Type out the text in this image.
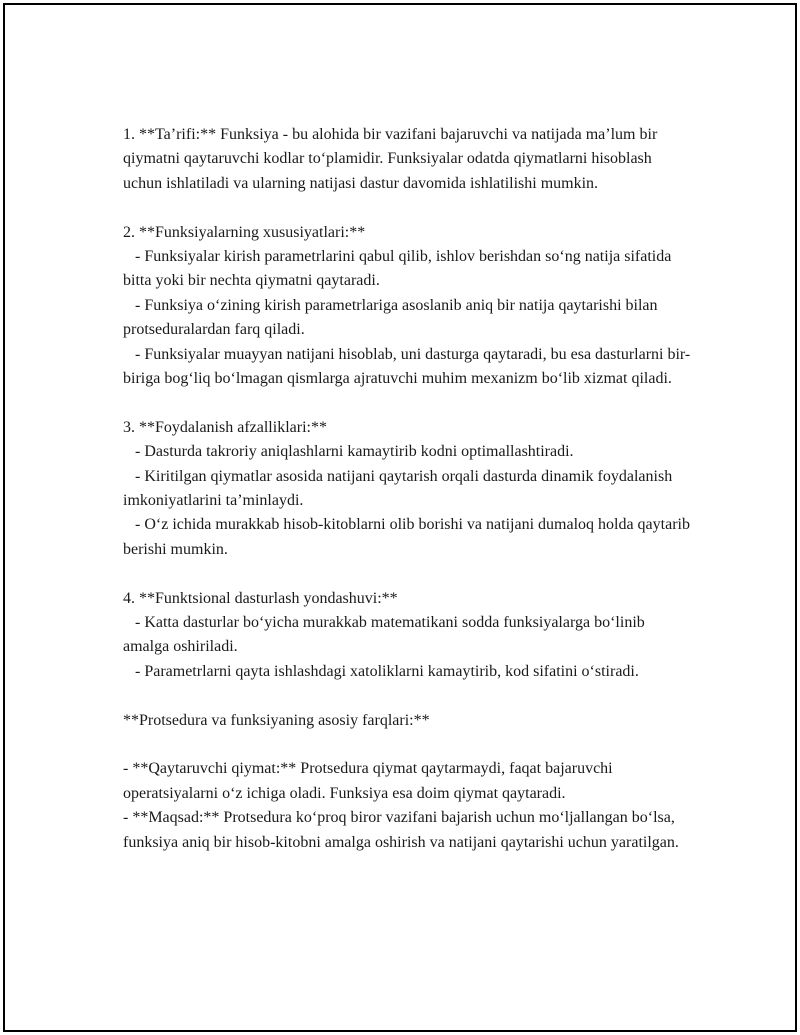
1. **Ta’rifi:** Funksiya - bu alohida bir vazifani bajaruvchi va natijada ma’lum bir qiymatni qaytaruvchi kodlar to‘plamidir. Funksiyalar odatda qiymatlarni hisoblash uchun ishlatiladi va ularning natijasi dastur davomida ishlatilishi mumkin.

2. **Funksiyalarning xususiyatlari:**

- Funksiyalar kirish parametrlarini qabul qilib, ishlov berishdan so‘ng natija sifatida bitta yoki bir nechta qiymatni qaytaradi.

- Funksiya o‘zining kirish parametrlariga asoslanib aniq bir natija qaytarishi bilan protseduralardan farq qiladi.

- Funksiyalar muayyan natijani hisoblab, uni dasturga qaytaradi, bu esa dasturlarni bir-biriga bog‘liq bo‘lmagan qismlarga ajratuvchi muhim mexanizm bo‘lib xizmat qiladi.

3. **Foydalanish afzalliklari:**

- Dasturda takroriy aniqlashlarni kamaytirib kodni optimallashtiradi.

- Kiritilgan qiymatlar asosida natijani qaytarish orqali dasturda dinamik foydalanish imkoniyatlarini ta’minlaydi.

- O‘z ichida murakkab hisob-kitoblarni olib borishi va natijani dumaloq holda qaytarib berishi mumkin.

4. **Funktsional dasturlash yondashuvi:**

- Katta dasturlar bo‘yicha murakkab matematikani sodda funksiyalarga bo‘linib amalga oshiriladi.

- Parametrlarni qayta ishlashdagi xatoliklarni kamaytirib, kod sifatini o‘stiradi.

**Protsedura va funksiyaning asosiy farqlari:**

- **Qaytaruvchi qiymat:** Protsedura qiymat qaytarmaydi, faqat bajaruvchi operatsiyalarni o‘z ichiga oladi. Funksiya esa doim qiymat qaytaradi.

- **Maqsad:** Protsedura ko‘proq biror vazifani bajarish uchun mo‘ljallangan bo‘lsa, funksiya aniq bir hisob-kitobni amalga oshirish va natijani qaytarishi uchun yaratilgan.
